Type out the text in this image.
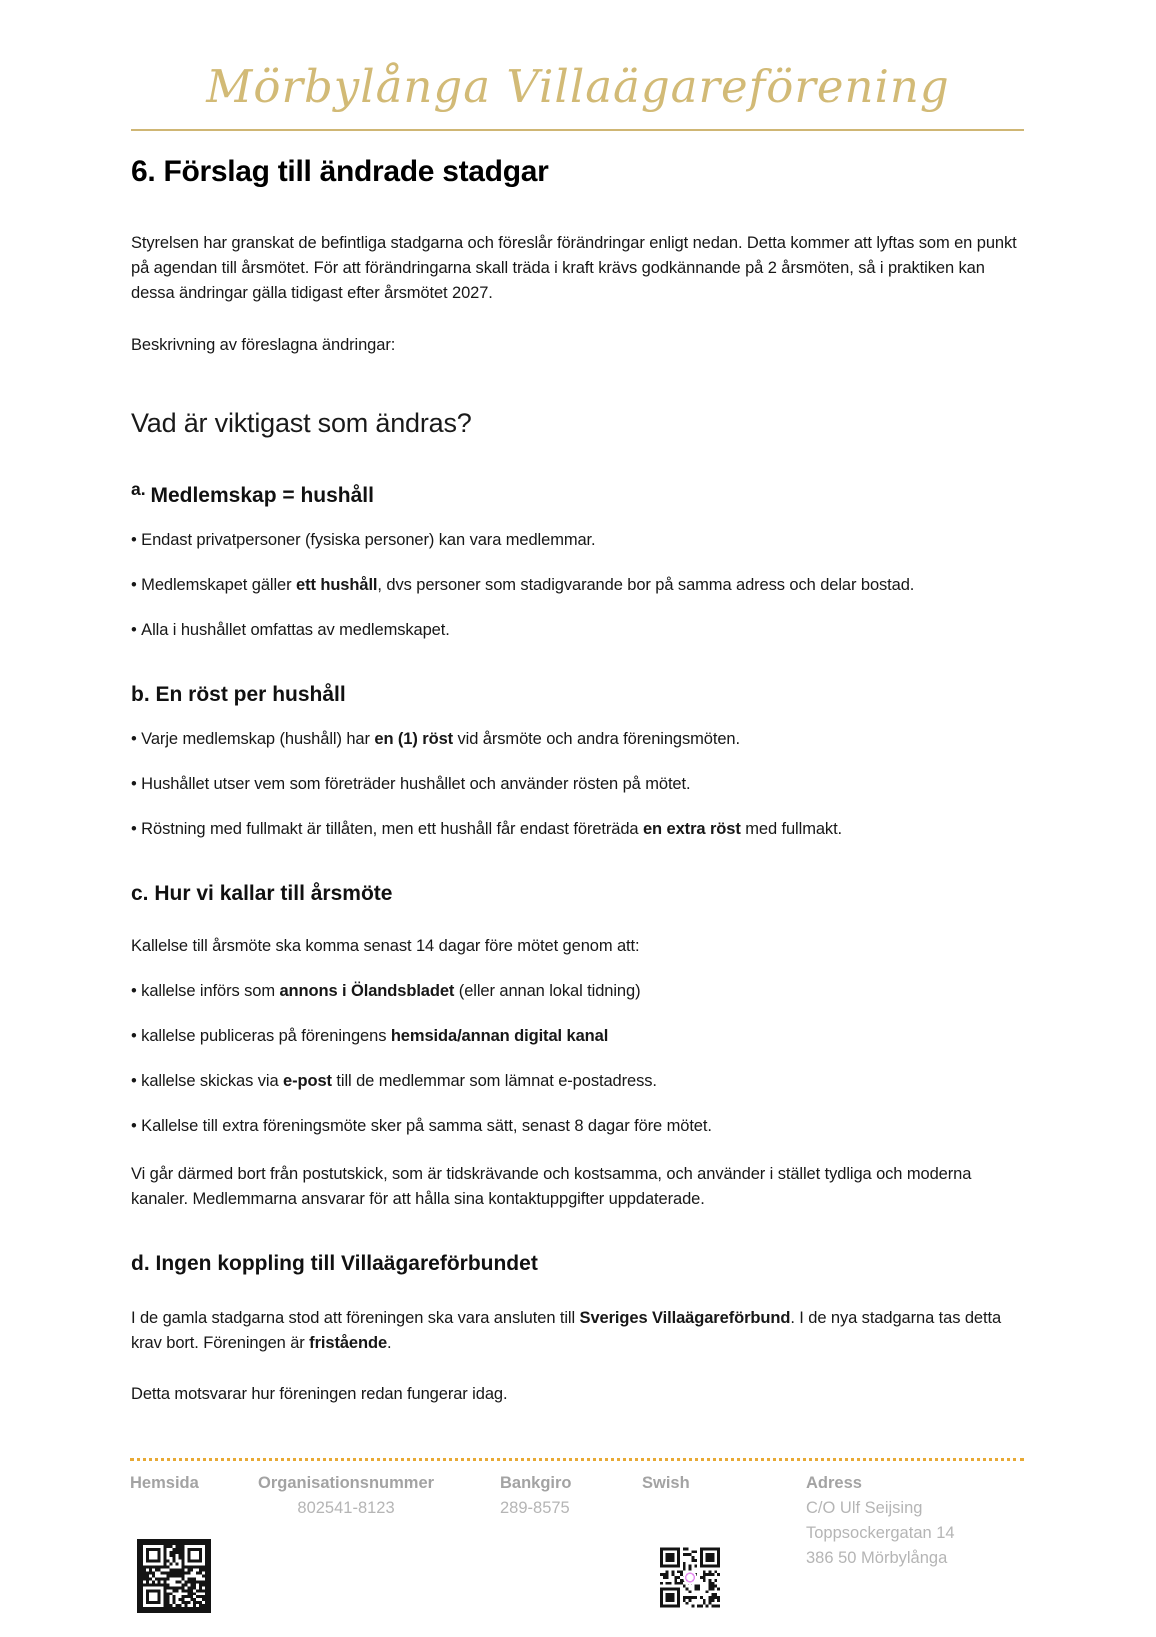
Mörbylånga Villaägareförening
6. Förslag till ändrade stadgar

Styrelsen har granskat de befintliga stadgarna och föreslår förändringar enligt nedan. Detta kommer att lyftas som en punkt på agendan till årsmötet. För att förändringarna skall träda i kraft krävs godkännande på 2 årsmöten, så i praktiken kan dessa ändringar gälla tidigast efter årsmötet 2027.

Beskrivning av föreslagna ändringar:

Vad är viktigast som ändras?
$^{a.}$ Medlemskap = hushåll
• Endast privatpersoner (fysiska personer) kan vara medlemmar.
• Medlemskapet gäller ett hushåll, dvs personer som stadigvarande bor på samma adress och delar bostad.
• Alla i hushållet omfattas av medlemskapet.
b. En röst per hushåll
• Varje medlemskap (hushåll) har en (1) röst vid årsmöte och andra föreningsmöten.
• Hushållet utser vem som företräder hushållet och använder rösten på mötet.
• Röstning med fullmakt är tillåten, men ett hushåll får endast företräda en extra röst med fullmakt.
c. Hur vi kallar till årsmöte

Kallelse till årsmöte ska komma senast 14 dagar före mötet genom att:

• kallelse införs som annons i Ölandsbladet (eller annan lokal tidning)
• kallelse publiceras på föreningens hemsida/annan digital kanal
• kallelse skickas via e-post till de medlemmar som lämnat e-postadress.
• Kallelse till extra föreningsmöte sker på samma sätt, senast 8 dagar före mötet.

Vi går därmed bort från postutskick, som är tidskrävande och kostsamma, och använder i stället tydliga och moderna kanaler. Medlemmarna ansvarar för att hålla sina kontaktuppgifter uppdaterade.

d. Ingen koppling till Villaägareförbundet

I de gamla stadgarna stod att föreningen ska vara ansluten till Sveriges Villaägareförbund. I de nya stadgarna tas detta krav bort. Föreningen är fristående.

Detta motsvarar hur föreningen redan fungerar idag.

Hemsida	Organisationsnummer
802541-8123
Bankgiro
289-8575
Swish	Adress
C/O Ulf Seijsing
Toppsockergatan 14
386 50 Mörbylånga
